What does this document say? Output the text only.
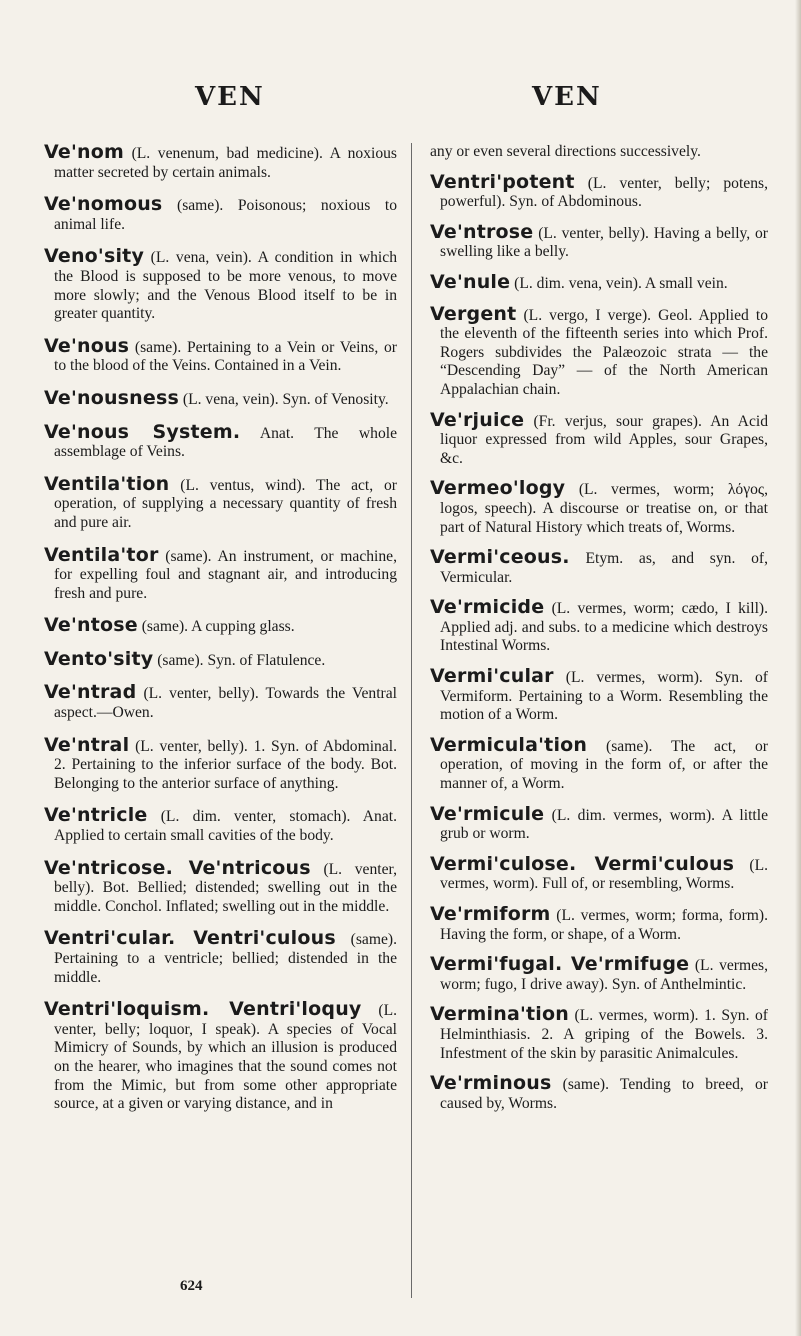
VEN	VEN

Ve'nom (L. venenum, bad medicine). A noxious matter secreted by certain animals.

Ve'nomous (same). Poisonous; noxious to animal life.

Veno'sity (L. vena, vein). A condition in which the Blood is supposed to be more venous, to move more slowly; and the Venous Blood itself to be in greater quantity.

Ve'nous (same). Pertaining to a Vein or Veins, or to the blood of the Veins. Contained in a Vein.

Ve'nousness (L. vena, vein). Syn. of Venosity.

Ve'nous System. Anat. The whole assemblage of Veins.

Ventila'tion (L. ventus, wind). The act, or operation, of supplying a necessary quantity of fresh and pure air.

Ventila'tor (same). An instrument, or machine, for expelling foul and stagnant air, and introducing fresh and pure.

Ve'ntose (same). A cupping glass.

Vento'sity (same). Syn. of Flatulence.

Ve'ntrad (L. venter, belly). Towards the Ventral aspect.—Owen.

Ve'ntral (L. venter, belly). 1. Syn. of Abdominal. 2. Pertaining to the inferior surface of the body. Bot. Belonging to the anterior surface of anything.

Ve'ntricle (L. dim. venter, stomach). Anat. Applied to certain small cavities of the body.

Ve'ntricose. Ve'ntricous (L. venter, belly). Bot. Bellied; distended; swelling out in the middle. Conchol. Inflated; swelling out in the middle.

Ventri'cular. Ventri'culous (same). Pertaining to a ventricle; bellied; distended in the middle.

Ventri'loquism. Ventri'loquy (L. venter, belly; loquor, I speak). A species of Vocal Mimicry of Sounds, by which an illusion is produced on the hearer, who imagines that the sound comes not from the Mimic, but from some other appropriate source, at a given or varying distance, and in

any or even several directions successively.

Ventri'potent (L. venter, belly; potens, powerful). Syn. of Abdominous.

Ve'ntrose (L. venter, belly). Having a belly, or swelling like a belly.

Ve'nule (L. dim. vena, vein). A small vein.

Vergent (L. vergo, I verge). Geol. Applied to the eleventh of the fifteenth series into which Prof. Rogers subdivides the Palæozoic strata — the “Descending Day” — of the North American Appalachian chain.

Ve'rjuice (Fr. verjus, sour grapes). An Acid liquor expressed from wild Apples, sour Grapes, &c.

Vermeo'logy (L. vermes, worm; λόγος, logos, speech). A discourse or treatise on, or that part of Natural History which treats of, Worms.

Vermi'ceous. Etym. as, and syn. of, Vermicular.

Ve'rmicide (L. vermes, worm; cædo, I kill). Applied adj. and subs. to a medicine which destroys Intestinal Worms.

Vermi'cular (L. vermes, worm). Syn. of Vermiform. Pertaining to a Worm. Resembling the motion of a Worm.

Vermicula'tion (same). The act, or operation, of moving in the form of, or after the manner of, a Worm.

Ve'rmicule (L. dim. vermes, worm). A little grub or worm.

Vermi'culose. Vermi'culous (L. vermes, worm). Full of, or resembling, Worms.

Ve'rmiform (L. vermes, worm; forma, form). Having the form, or shape, of a Worm.

Vermi'fugal. Ve'rmifuge (L. vermes, worm; fugo, I drive away). Syn. of Anthelmintic.

Vermina'tion (L. vermes, worm). 1. Syn. of Helminthiasis. 2. A griping of the Bowels. 3. Infestment of the skin by parasitic Animalcules.

Ve'rminous (same). Tending to breed, or caused by, Worms.

624
